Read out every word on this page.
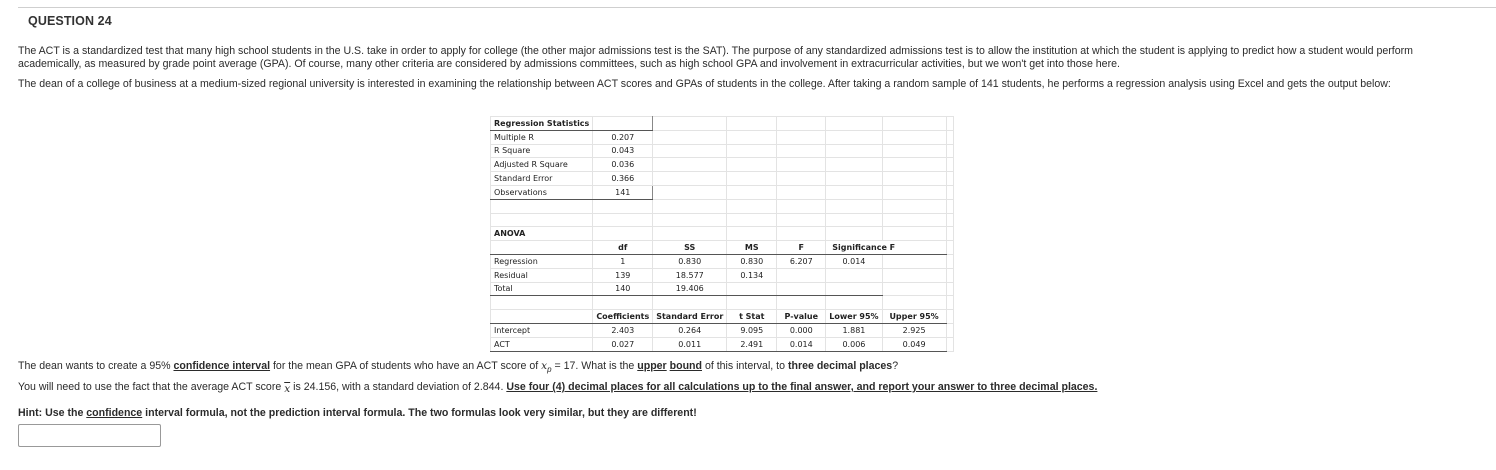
QUESTION 24
The ACT is a standardized test that many high school students in the U.S. take in order to apply for college (the other major admissions test is the SAT). The purpose of any standardized admissions test is to allow the institution at which the student is applying to predict how a student would perform academically, as measured by grade point average (GPA). Of course, many other criteria are considered by admissions committees, such as high school GPA and involvement in extracurricular activities, but we won't get into those here.
The dean of a college of business at a medium-sized regional university is interested in examining the relationship between ACT scores and GPAs of students in the college. After taking a random sample of 141 students, he performs a regression analysis using Excel and gets the output below:
Regression Statistics							
Multiple R	0.207						
R Square	0.043						
Adjusted R Square	0.036						
Standard Error	0.366						
Observations	141						

ANOVA							
	df	SS	MS	F	Significance F		
Regression	1	0.830	0.830	6.207	0.014		
Residual	139	18.577	0.134				
Total	140	19.406					

	Coefficients	Standard Error	t Stat	P-value	Lower 95%	Upper 95%	
Intercept	2.403	0.264	9.095	0.000	1.881	2.925	
ACT	0.027	0.011	2.491	0.014	0.006	0.049	
The dean wants to create a 95% confidence interval for the mean GPA of students who have an ACT score of $x_p = 17$. What is the upper bound of this interval, to three decimal places?
You will need to use the fact that the average ACT score $\overline{x}$ is 24.156, with a standard deviation of 2.844. Use four (4) decimal places for all calculations up to the final answer, and report your answer to three decimal places.
Hint: Use the confidence interval formula, not the prediction interval formula. The two formulas look very similar, but they are different!
